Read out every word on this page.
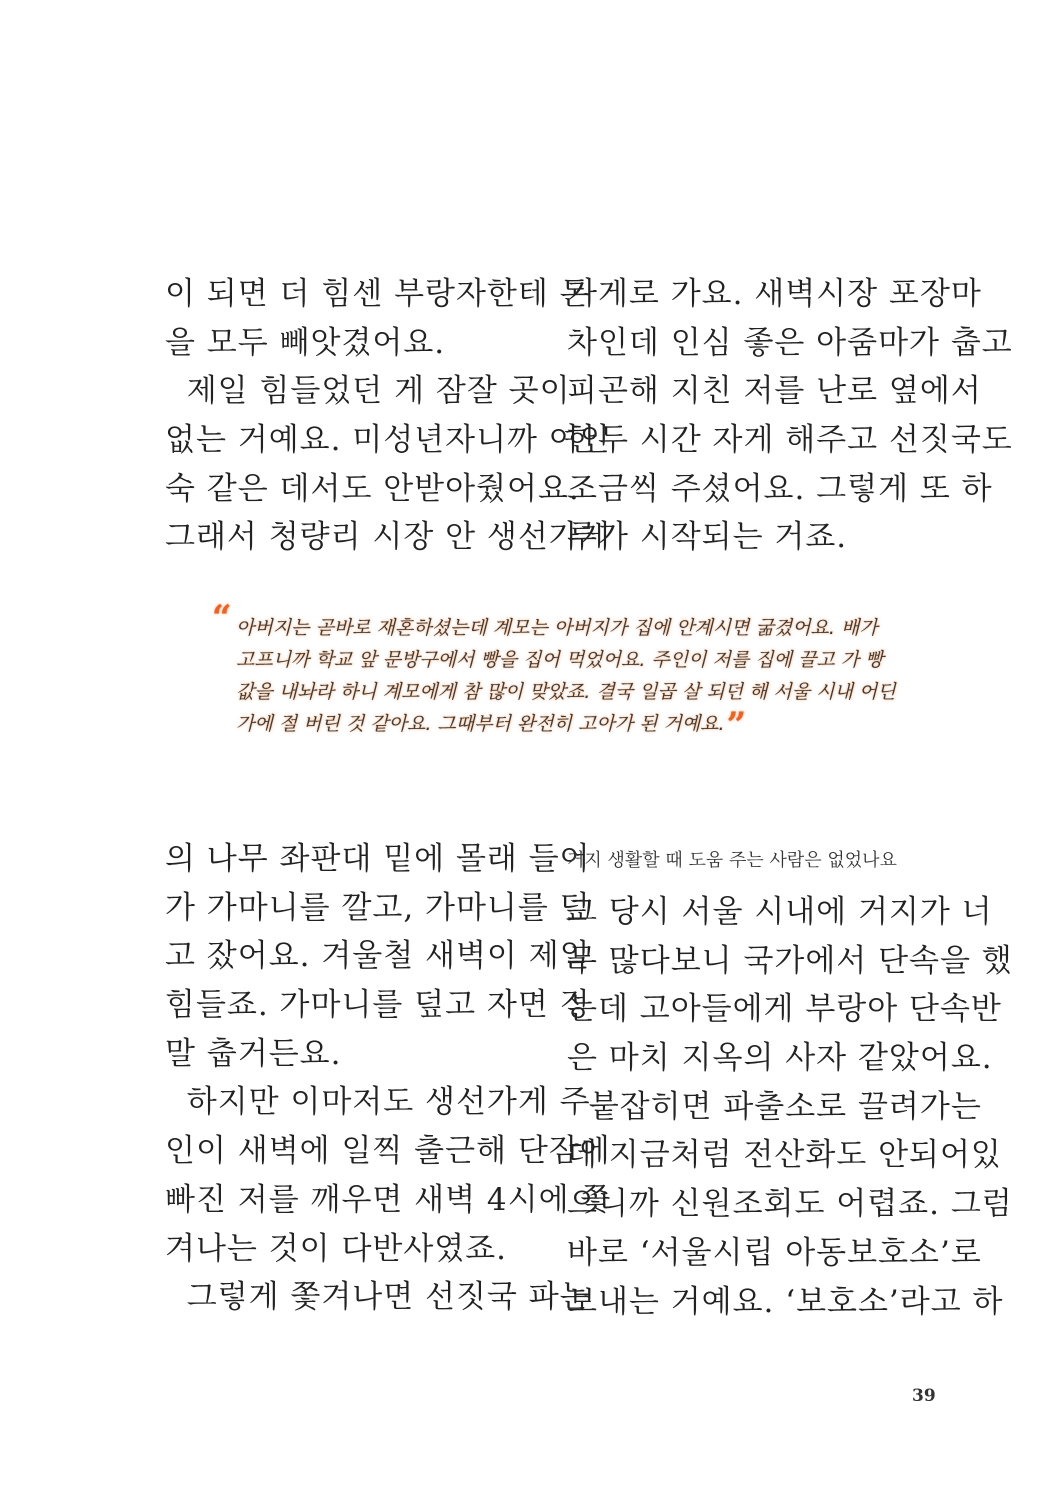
이 되면 더 힘센 부랑자한테 돈
을 모두 빼앗겼어요.
제일 힘들었던 게 잠잘 곳이
없는 거예요. 미성년자니까 여인
숙 같은 데서도 안받아줬어요.
그래서 청량리 시장 안 생선가게
가게로 가요. 새벽시장 포장마
차인데 인심 좋은 아줌마가 춥고
피곤해 지친 저를 난로 옆에서
한두 시간 자게 해주고 선짓국도
조금씩 주셨어요. 그렇게 또 하
루가 시작되는 거죠.
“ 아버지는 곧바로 재혼하셨는데 계모는 아버지가 집에 안계시면 굶겼어요. 배가
고프니까 학교 앞 문방구에서 빵을 집어 먹었어요. 주인이 저를 집에 끌고 가 빵
값을 내놔라 하니 계모에게 참 많이 맞았죠. 결국 일곱 살 되던 해 서울 시내 어딘
가에 절 버린 것 같아요. 그때부터 완전히 고아가 된 거예요.”
의 나무 좌판대 밑에 몰래 들어
가 가마니를 깔고, 가마니를 덮
고 잤어요. 겨울철 새벽이 제일
힘들죠. 가마니를 덮고 자면 정
말 춥거든요.
하지만 이마저도 생선가게 주
인이 새벽에 일찍 출근해 단잠에
빠진 저를 깨우면 새벽 4시에 쫓
겨나는 것이 다반사였죠.
그렇게 쫓겨나면 선짓국 파는
거지 생활할 때 도움 주는 사람은 없었나요
그 당시 서울 시내에 거지가 너
무 많다보니 국가에서 단속을 했
는데 고아들에게 부랑아 단속반
은 마치 지옥의 사자 같았어요.
붙잡히면 파출소로 끌려가는
데 지금처럼 전산화도 안되어있
으니까 신원조회도 어렵죠. 그럼
바로 ‘서울시립 아동보호소’로
보내는 거예요. ‘보호소’라고 하
39
